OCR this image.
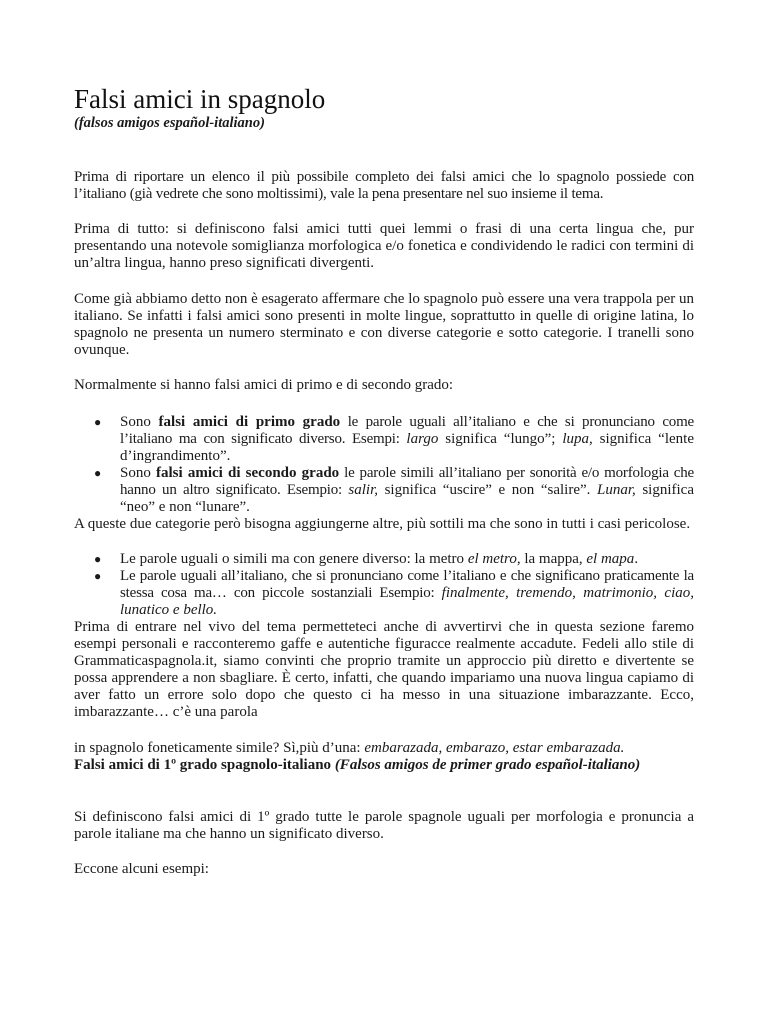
Falsi amici in spagnolo
(falsos amigos español-italiano)

Prima di riportare un elenco il più possibile completo dei falsi amici che lo spagnolo possiede con l’italiano (già vedrete che sono moltissimi), vale la pena presentare nel suo insieme il tema.

Prima di tutto: si definiscono falsi amici tutti quei lemmi o frasi di una certa lingua che, pur presentando una notevole somiglianza morfologica e/o fonetica e condividendo le radici con termini di un’altra lingua, hanno preso significati divergenti.

Come già abbiamo detto non è esagerato affermare che lo spagnolo può essere una vera trappola per un italiano. Se infatti i falsi amici sono presenti in molte lingue, soprattutto in quelle di origine latina, lo spagnolo ne presenta un numero sterminato e con diverse categorie e sotto categorie. I tranelli sono ovunque.

Normalmente si hanno falsi amici di primo e di secondo grado:

● Sono falsi amici di primo grado le parole uguali all’italiano e che si pronunciano come l’italiano ma con significato diverso. Esempi: largo significa “lungo”; lupa, significa “lente d’ingrandimento”.
● Sono falsi amici di secondo grado le parole simili all’italiano per sonorità e/o morfologia che hanno un altro significato. Esempio: salir, significa “uscire” e non “salire”. Lunar, significa “neo” e non “lunare”.

A queste due categorie però bisogna aggiungerne altre, più sottili ma che sono in tutti i casi pericolose.

● Le parole uguali o simili ma con genere diverso: la metro el metro, la mappa, el mapa.
● Le parole uguali all’italiano, che si pronunciano come l’italiano e che significano praticamente la stessa cosa ma… con piccole sostanziali Esempio: finalmente, tremendo, matrimonio, ciao, lunatico e bello.

Prima di entrare nel vivo del tema permetteteci anche di avvertirvi che in questa sezione faremo esempi personali e racconteremo gaffe e autentiche figuracce realmente accadute. Fedeli allo stile di Grammaticaspagnola.it, siamo convinti che proprio tramite un approccio più diretto e divertente se possa apprendere a non sbagliare. È certo, infatti, che quando impariamo una nuova lingua capiamo di aver fatto un errore solo dopo che questo ci ha messo in una situazione imbarazzante. Ecco, imbarazzante… c’è una parola

in spagnolo foneticamente simile? Sì,più d’una: embarazada, embarazo, estar embarazada.

Falsi amici di 1º grado spagnolo-italiano (Falsos amigos de primer grado español-italiano)

Si definiscono falsi amici di 1º grado tutte le parole spagnole uguali per morfologia e pronuncia a parole italiane ma che hanno un significato diverso.

Eccone alcuni esempi:
